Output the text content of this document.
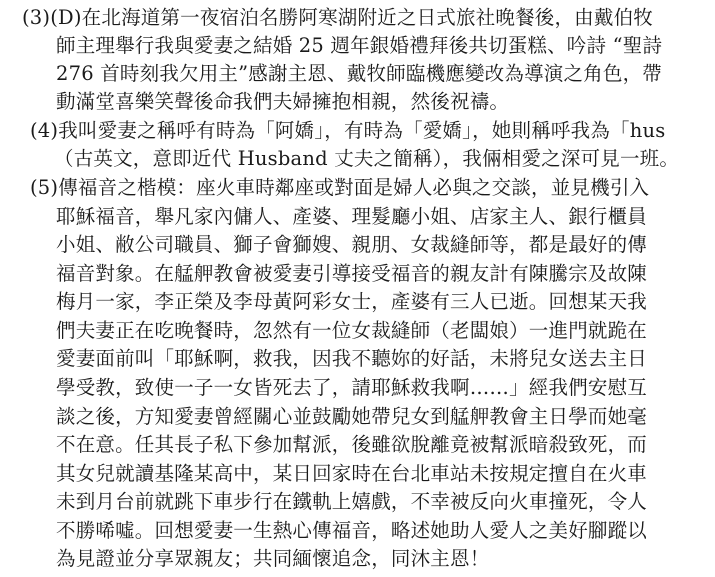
(3)(D)在北海道第一夜宿泊名勝阿寒湖附近之日式旅社晚餐後，由戴伯牧
師主理舉行我與愛妻之結婚 25 週年銀婚禮拜後共切蛋糕、吟詩 “聖詩
276 首時刻我欠用主”感謝主恩、戴牧師臨機應變改為導演之角色，帶
動滿堂喜樂笑聲後命我們夫婦擁抱相親，然後祝禱。
(4)我叫愛妻之稱呼有時為「阿嬌」，有時為「愛嬌」，她則稱呼我為「hus
（古英文，意即近代 Husband 丈夫之簡稱），我倆相愛之深可見一班。
(5)傳福音之楷模：座火車時鄰座或對面是婦人必與之交談，並見機引入
耶穌福音，舉凡家內傭人、產婆、理髮廳小姐、店家主人、銀行櫃員
小姐、敝公司職員、獅子會獅嫂、親朋、女裁縫師等，都是最好的傳
福音對象。在艋舺教會被愛妻引導接受福音的親友計有陳騰宗及故陳
梅月一家，李正榮及李母黃阿彩女士，產婆有三人已逝。回想某天我
們夫妻正在吃晚餐時，忽然有一位女裁縫師（老闆娘）一進門就跪在
愛妻面前叫「耶穌啊，救我，因我不聽妳的好話，未將兒女送去主日
學受教，致使一子一女皆死去了，請耶穌救我啊……」經我們安慰互
談之後，方知愛妻曾經關心並鼓勵她帶兒女到艋舺教會主日學而她毫
不在意。任其長子私下參加幫派，後雖欲脫離竟被幫派暗殺致死，而
其女兒就讀基隆某高中，某日回家時在台北車站未按規定擅自在火車
未到月台前就跳下車步行在鐵軌上嬉戲，不幸被反向火車撞死，令人
不勝唏噓。回想愛妻一生熱心傳福音，略述她助人愛人之美好腳蹤以
為見證並分享眾親友；共同緬懷追念，同沐主恩！
